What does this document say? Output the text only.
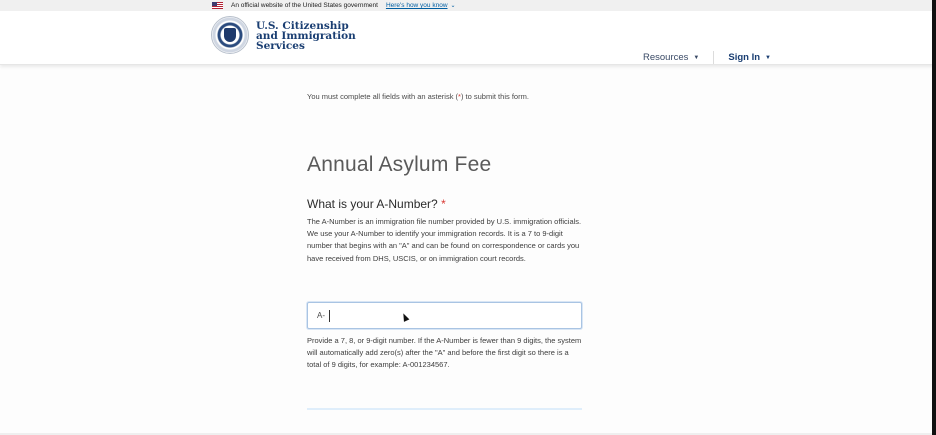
An official website of the United States government Here's how you know ⌄
U.S. Citizenship
and Immigration
Services
Resources ▼	Sign In ▼

You must complete all fields with an asterisk (*) to submit this form.

Annual Asylum Fee
What is your A-Number? *

The A-Number is an immigration file number provided by U.S. immigration officials. We use your A-Number to identify your immigration records. It is a 7 to 9-digit number that begins with an "A" and can be found on correspondence or cards you have received from DHS, USCIS, or on immigration court records.

A-

Provide a 7, 8, or 9-digit number. If the A-Number is fewer than 9 digits, the system will automatically add zero(s) after the "A" and before the first digit so there is a total of 9 digits, for example: A-001234567.
